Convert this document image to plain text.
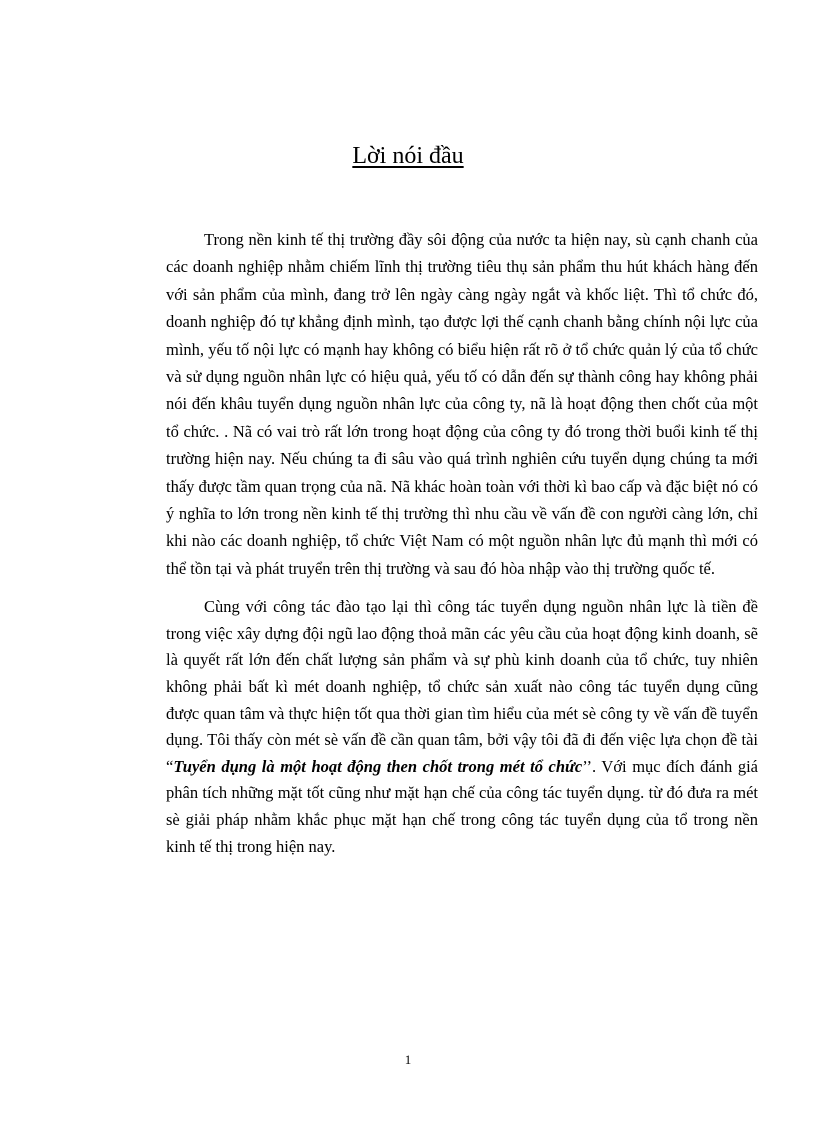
Lời nói đầu

Trong nền kinh tế thị trường đầy sôi động của nước ta hiện nay, sù cạnh chanh của các doanh nghiệp nhằm chiếm lĩnh thị trường tiêu thụ sản phẩm thu hút khách hàng đến với sản phẩm của mình, đang trở lên ngày càng ngày ngắt và khốc liệt. Thì tổ chức đó, doanh nghiệp đó tự khẳng định mình, tạo được lợi thế cạnh chanh bằng chính nội lực của mình, yếu tố nội lực có mạnh hay không có biểu hiện rất rõ ở tổ chức quản lý của tổ chức và sử dụng nguồn nhân lực có hiệu quả, yếu tố có dẫn đến sự thành công hay không phải nói đến khâu tuyển dụng nguồn nhân lực của công ty, nã là hoạt động then chốt của một tổ chức. . Nã có vai trò rất lớn trong hoạt động của công ty đó trong thời buổi kinh tế thị trường hiện nay. Nếu chúng ta đi sâu vào quá trình nghiên cứu tuyển dụng chúng ta mới thấy được tầm quan trọng của nã. Nã khác hoàn toàn với thời kì bao cấp và đặc biệt nó có ý nghĩa to lớn trong nền kinh tế thị trường thì nhu cầu về vấn đề con người càng lớn, chỉ khi nào các doanh nghiệp, tổ chức Việt Nam có một nguồn nhân lực đủ mạnh thì mới có thể tồn tại và phát truyển trên thị trường và sau đó hòa nhập vào thị trường quốc tế.

Cùng với công tác đào tạo lại thì công tác tuyển dụng nguồn nhân lực là tiền đề trong việc xây dựng đội ngũ lao động thoả mãn các yêu cầu của hoạt động kinh doanh, sẽ là quyết rất lớn đến chất lượng sản phẩm và sự phù kinh doanh của tổ chức, tuy nhiên không phải bất kì mét doanh nghiệp, tổ chức sản xuất nào công tác tuyển dụng cũng được quan tâm và thực hiện tốt qua thời gian tìm hiểu của mét sè công ty về vấn đề tuyển dụng. Tôi thấy còn mét sè vấn đề cần quan tâm, bởi vậy tôi đã đi đến việc lựa chọn đề tài “Tuyển dụng là một hoạt động then chốt trong mét tổ chức’’. Với mục đích đánh giá phân tích những mặt tốt cũng như mặt hạn chế của công tác tuyển dụng. từ đó đưa ra mét sè giải pháp nhằm khắc phục mặt hạn chế trong công tác tuyển dụng của tổ trong nền kinh tế thị trong hiện nay.

1
